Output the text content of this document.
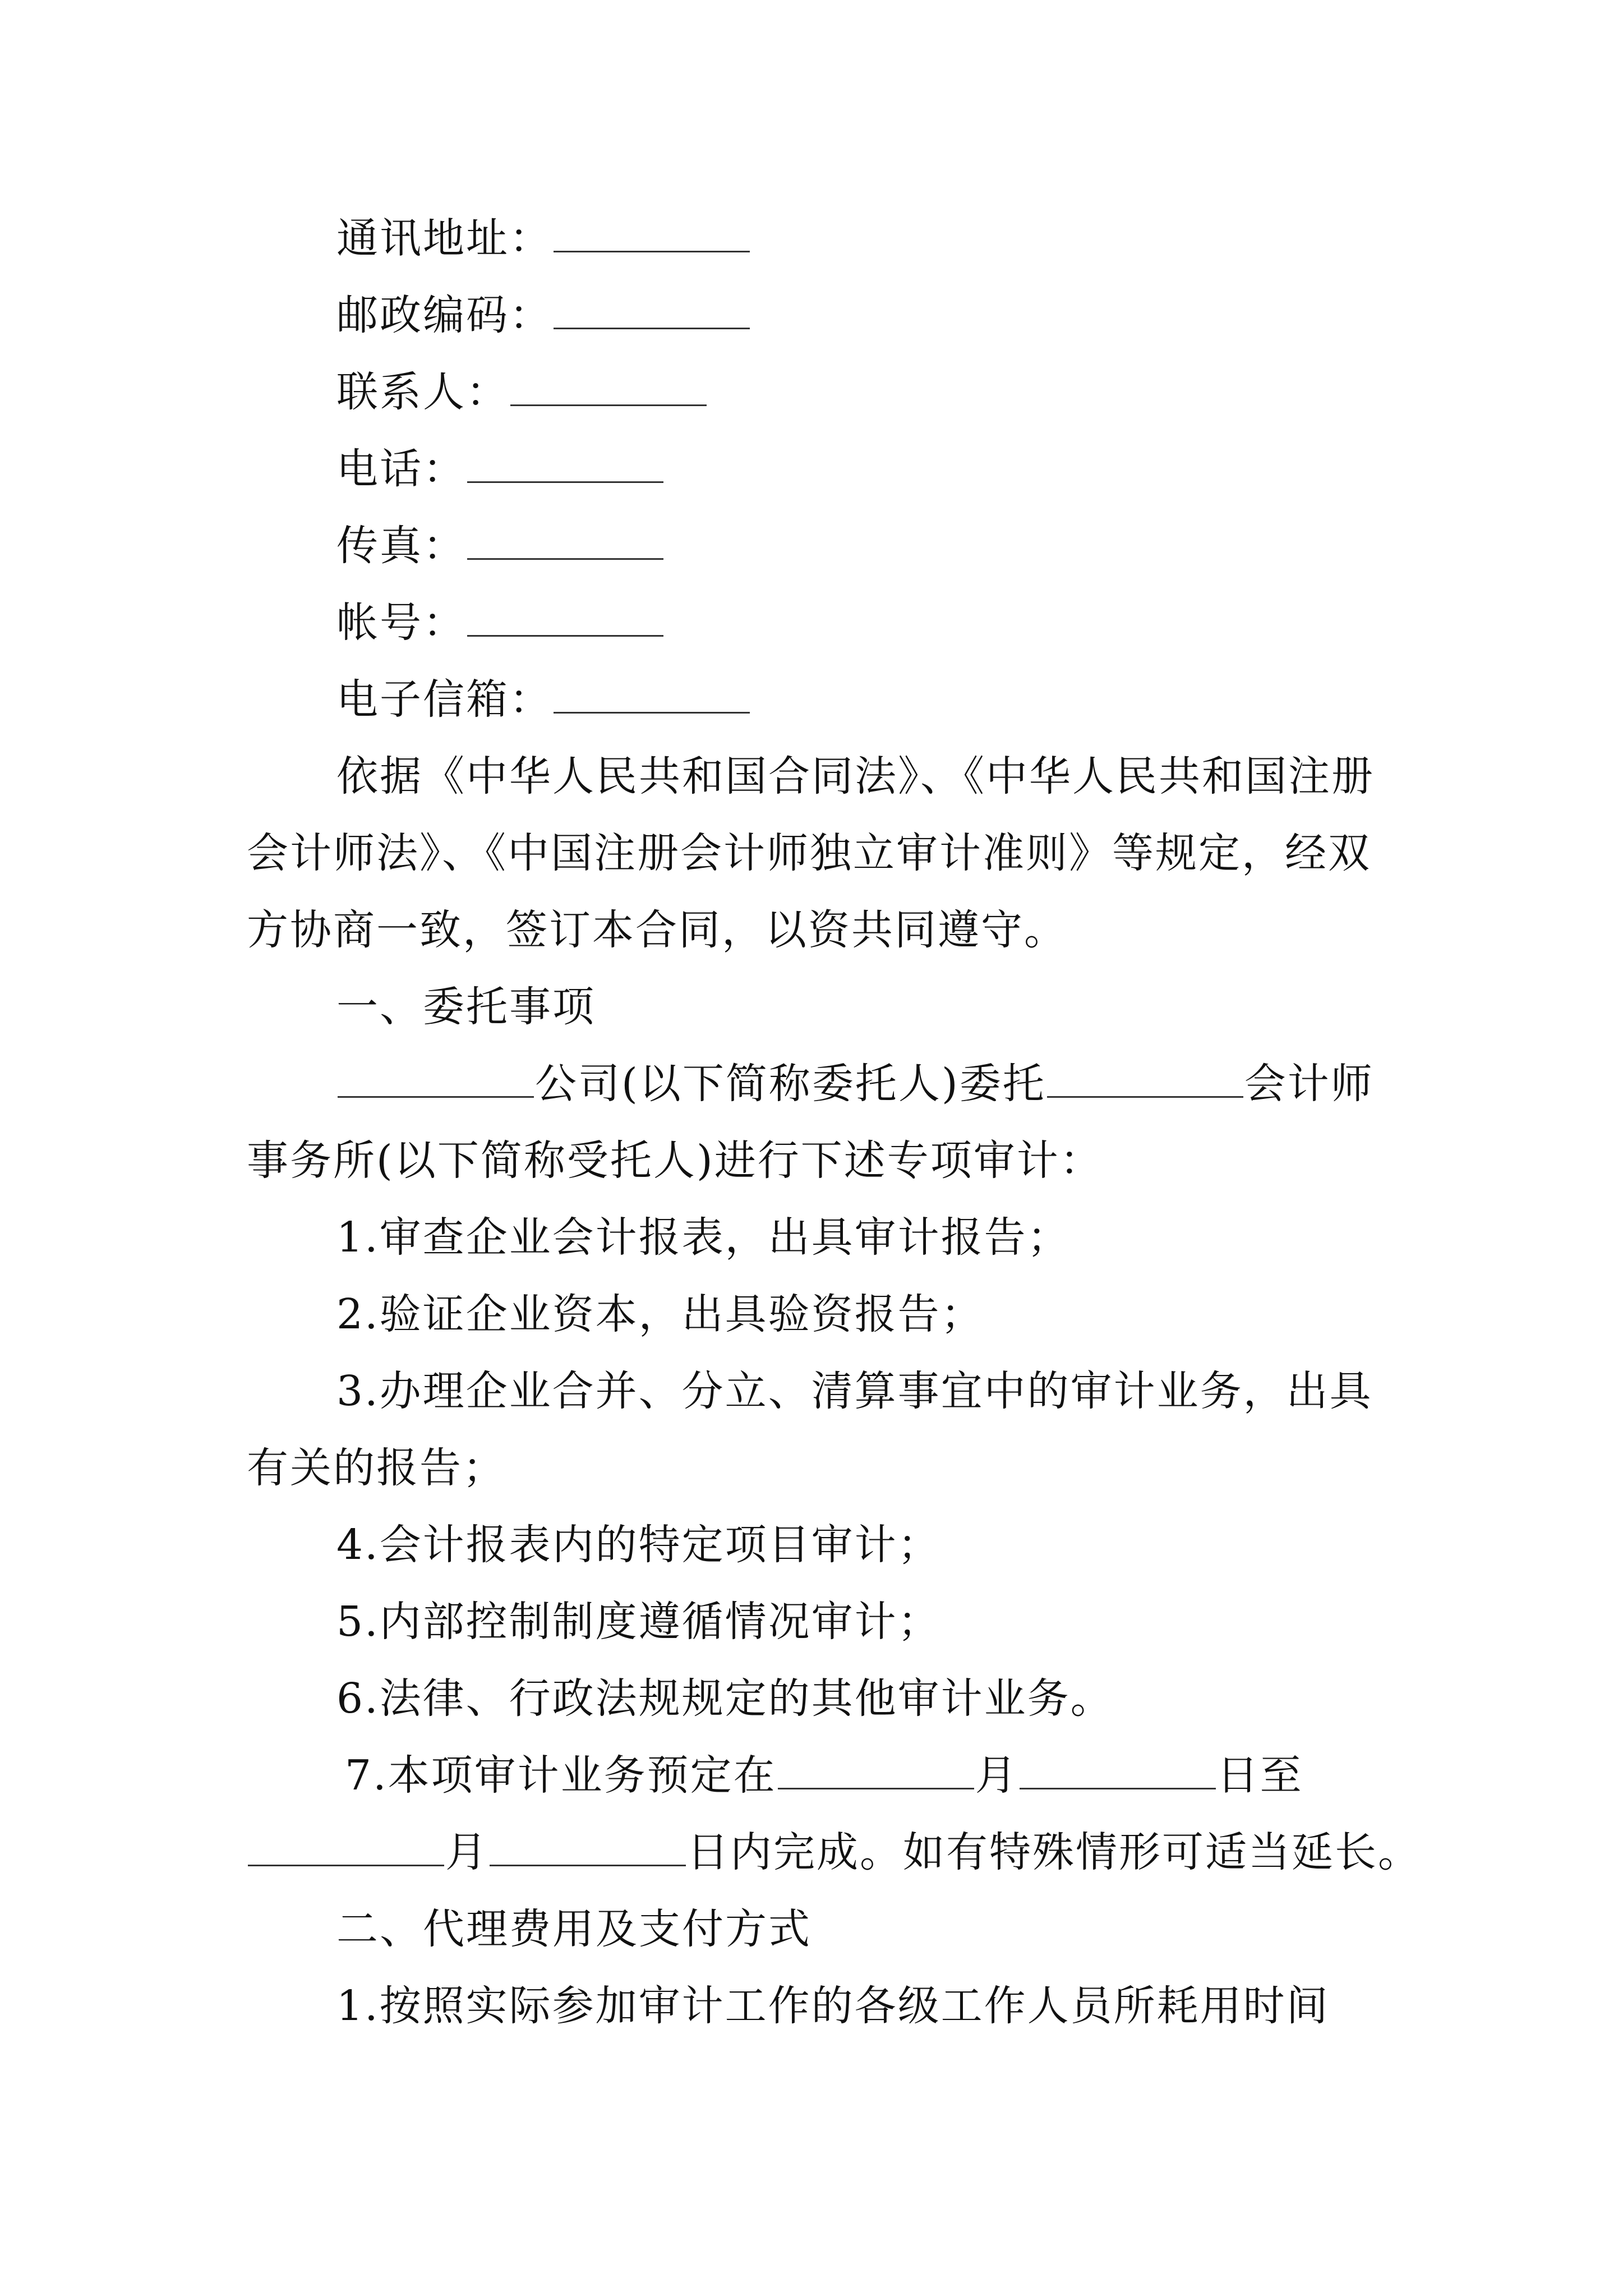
通讯地址：
邮政编码：
联系人：
电话：
传真：
帐号：
电子信箱：
依据《中华人民共和国合同法》、《中华人民共和国注册
会计师法》、《中国注册会计师独立审计准则》等规定，经双
方协商一致，签订本合同，以资共同遵守。
一、委托事项
公司(以下简称委托人)委托	会计师
事务所(以下简称受托人)进行下述专项审计：
1.审查企业会计报表，出具审计报告；
2.验证企业资本，出具验资报告；
3.办理企业合并、分立、清算事宜中的审计业务，出具
有关的报告；
4.会计报表内的特定项目审计；
5.内部控制制度遵循情况审计；
6.法律、行政法规规定的其他审计业务。
7.本项审计业务预定在	月	日至
月	日内完成。如有特殊情形可适当延长。
二、代理费用及支付方式
1.按照实际参加审计工作的各级工作人员所耗用时间
